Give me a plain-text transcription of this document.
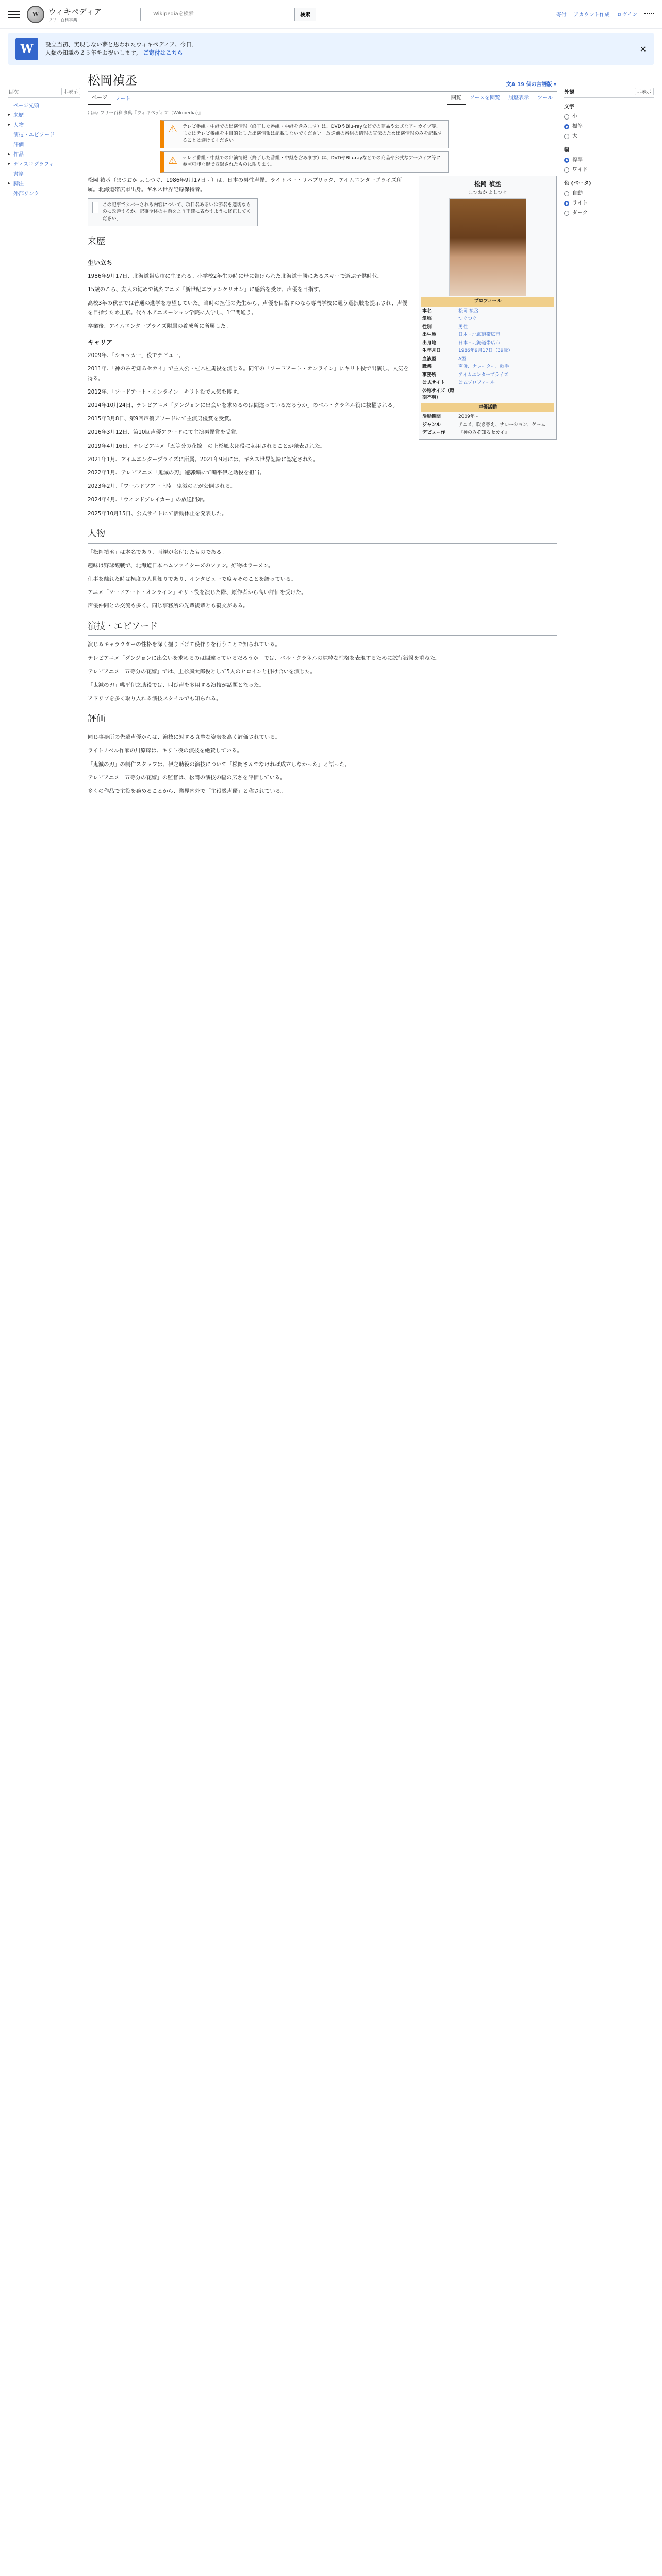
W	ウィキペディア
フリー百科事典
Wikipediaを検索
検索	寄付 アカウント作成 ログイン
W	設立当初、実現しない夢と思われたウィキペディア。今日、人類の知識の２５年をお祝いします。 ご寄付はこちら	✕
目次	非表示
ページ先頭
▸ 来歴
▸ 人物
演技・エピソード
評価
▸ 作品
▸ ディスコグラフィ
書籍
▸ 脚注
外部リンク
松岡禎丞	文A 19 個の言語版 ▾
ページ	ノート	閲覧	ソースを閲覧	履歴表示	ツール
出典: フリー百科事典『ウィキペディア（Wikipedia）』
⚠ テレビ番組・中継での出演情報（終了した番組・中継を含みます）は、DVDやBlu-rayなどでの商品や公式なアーカイブ等、またはテレビ番組を主目的とした出演情報は記載しないでください。放送前の番組の情報の宣伝のため出演情報のみを記載することは避けてください。
⚠ テレビ番組・中継での出演情報（終了した番組・中継を含みます）は、DVDやBlu-rayなどでの商品や公式なアーカイブ等に参照可能な形で収録されたものに限ります。
松岡 禎丞
まつおか よしつぐ
プロフィール
本名	松岡 禎丞
愛称	つぐつぐ
性別	男性
出生地	日本・北海道帯広市
出身地	日本・北海道帯広市
生年月日	1986年9月17日（39歳）
血液型	A型
職業	声優、ナレーター、歌手
事務所	アイムエンタープライズ
公式サイト	公式プロフィール
公称サイズ（時期不明）
声優活動
活動期間	2009年 -
ジャンル	アニメ、吹き替え、ナレーション、ゲーム
デビュー作	『神のみぞ知るセカイ』

松岡 禎丞（まつおか よしつぐ、1986年9月17日 - ）は、日本の男性声優。ライトバー・リパブリック、アイムエンタープライズ所属。北海道帯広市出身。ギネス世界記録保持者。

この記事でカバーされる内容について、項目名あるいは節名を適切なものに改善するか、記事全体の主題をより正確に表わすように修正してください。
来歴
生い立ち

1986年9月17日、北海道帯広市に生まれる。小学校2年生の時に母に告げられた北海道十勝にあるスキーで遊ぶ子供時代。

15歳のころ、友人の勧めで観たアニメ「新世紀エヴァンゲリオン」に感銘を受け、声優を目指す。

高校3年の秋までは普通の進学を志望していた。当時の担任の先生から、声優を目指すのなら専門学校に通う選択肢を提示され、声優を目指すため上京。代々木アニメーション学院に入学し、1年間通う。

卒業後、アイムエンタープライズ附属の養成所に所属した。

キャリア

2009年、「ショッカー」役でデビュー。

2011年、「神のみぞ知るセカイ」で主人公・桂木桂馬役を演じる。同年の「ソードアート・オンライン」にキリト役で出演し、人気を得る。

2012年、「ソードアート・オンライン」キリト役で人気を博す。

2014年10月24日、テレビアニメ「ダンジョンに出会いを求めるのは間違っているだろうか」のベル・クラネル役に抜擢される。

2015年3月8日、第9回声優アワードにて主演男優賞を受賞。

2016年3月12日、第10回声優アワードにて主演男優賞を受賞。

2019年4月16日、テレビアニメ「五等分の花嫁」の上杉風太郎役に起用されることが発表された。

2021年1月、アイムエンタープライズに所属。2021年9月には、ギネス世界記録に認定された。

2022年1月、テレビアニメ「鬼滅の刃」遊郭編にて嘴平伊之助役を担当。

2023年2月、「ワールドツアー上陸」鬼滅の刃が公開される。

2024年4月、「ウィンドブレイカー」の放送開始。

2025年10月15日、公式サイトにて活動休止を発表した。

人物

「松岡禎丞」は本名であり、両親が名付けたものである。

趣味は野球観戦で、北海道日本ハムファイターズのファン。好物はラーメン。

仕事を離れた時は極度の人見知りであり、インタビューで度々そのことを語っている。

アニメ「ソードアート・オンライン」キリト役を演じた際、原作者から高い評価を受けた。

声優仲間との交流も多く、同じ事務所の先輩後輩とも親交がある。

演技・エピソード

演じるキャラクターの性格を深く掘り下げて役作りを行うことで知られている。

テレビアニメ「ダンジョンに出会いを求めるのは間違っているだろうか」では、ベル・クラネルの純粋な性格を表現するために試行錯誤を重ねた。

テレビアニメ「五等分の花嫁」では、上杉風太郎役として5人のヒロインと掛け合いを演じた。

「鬼滅の刃」嘴平伊之助役では、叫び声を多用する演技が話題となった。

アドリブを多く取り入れる演技スタイルでも知られる。

評価

同じ事務所の先輩声優からは、演技に対する真摯な姿勢を高く評価されている。

ライトノベル作家の川原礫は、キリト役の演技を絶賛している。

「鬼滅の刃」の制作スタッフは、伊之助役の演技について「松岡さんでなければ成立しなかった」と語った。

テレビアニメ「五等分の花嫁」の監督は、松岡の演技の幅の広さを評価している。

多くの作品で主役を務めることから、業界内外で「主役級声優」と称されている。

外観	非表示
文字
小
標準
大
幅
標準
ワイド
色 (ベータ)
自動
ライト
ダーク
